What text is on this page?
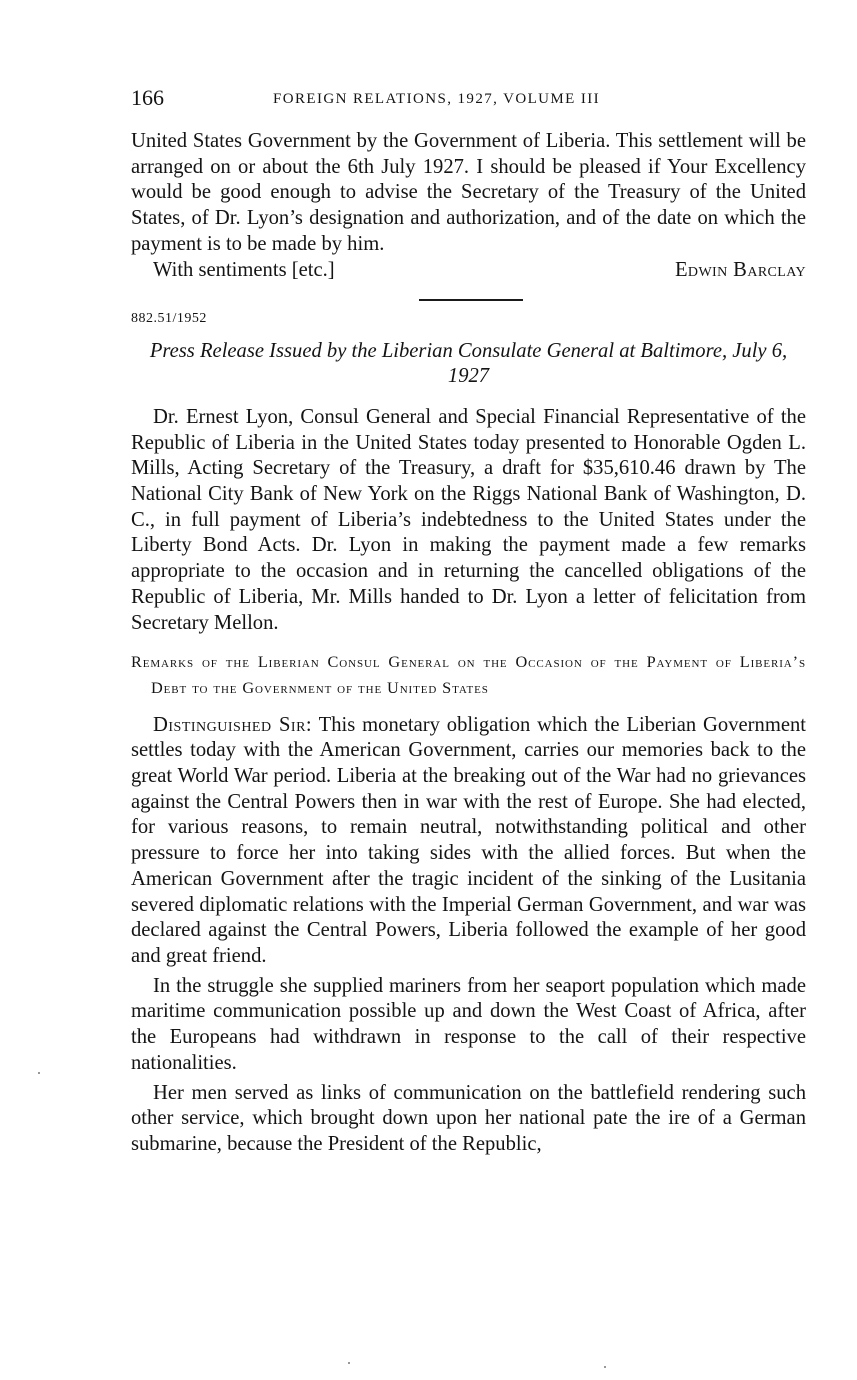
166	FOREIGN RELATIONS, 1927, VOLUME III

United States Government by the Government of Liberia. This settlement will be arranged on or about the 6th July 1927. I should be pleased if Your Excellency would be good enough to advise the Secretary of the Treasury of the United States, of Dr. Lyon’s designation and authorization, and of the date on which the payment is to be made by him.

With sentiments [etc.]	Edwin Barclay
882.51/1952
Press Release Issued by the Liberian Consulate General at Baltimore, July 6, 1927

Dr. Ernest Lyon, Consul General and Special Financial Representative of the Republic of Liberia in the United States today presented to Honorable Ogden L. Mills, Acting Secretary of the Treasury, a draft for $35,610.46 drawn by The National City Bank of New York on the Riggs National Bank of Washington, D. C., in full payment of Liberia’s indebtedness to the United States under the Liberty Bond Acts. Dr. Lyon in making the payment made a few remarks appropriate to the occasion and in returning the cancelled obligations of the Republic of Liberia, Mr. Mills handed to Dr. Lyon a letter of felicitation from Secretary Mellon.

Remarks of the Liberian Consul General on the Occasion of the Payment of Liberia’s Debt to the Government of the United States

Distinguished Sir: This monetary obligation which the Liberian Government settles today with the American Government, carries our memories back to the great World War period. Liberia at the breaking out of the War had no grievances against the Central Powers then in war with the rest of Europe. She had elected, for various reasons, to remain neutral, notwithstanding political and other pressure to force her into taking sides with the allied forces. But when the American Government after the tragic incident of the sinking of the Lusitania severed diplomatic relations with the Imperial German Government, and war was declared against the Central Powers, Liberia followed the example of her good and great friend.

In the struggle she supplied mariners from her seaport population which made maritime communication possible up and down the West Coast of Africa, after the Europeans had withdrawn in response to the call of their respective nationalities.

Her men served as links of communication on the battlefield rendering such other service, which brought down upon her national pate the ire of a German submarine, because the President of the Republic,
